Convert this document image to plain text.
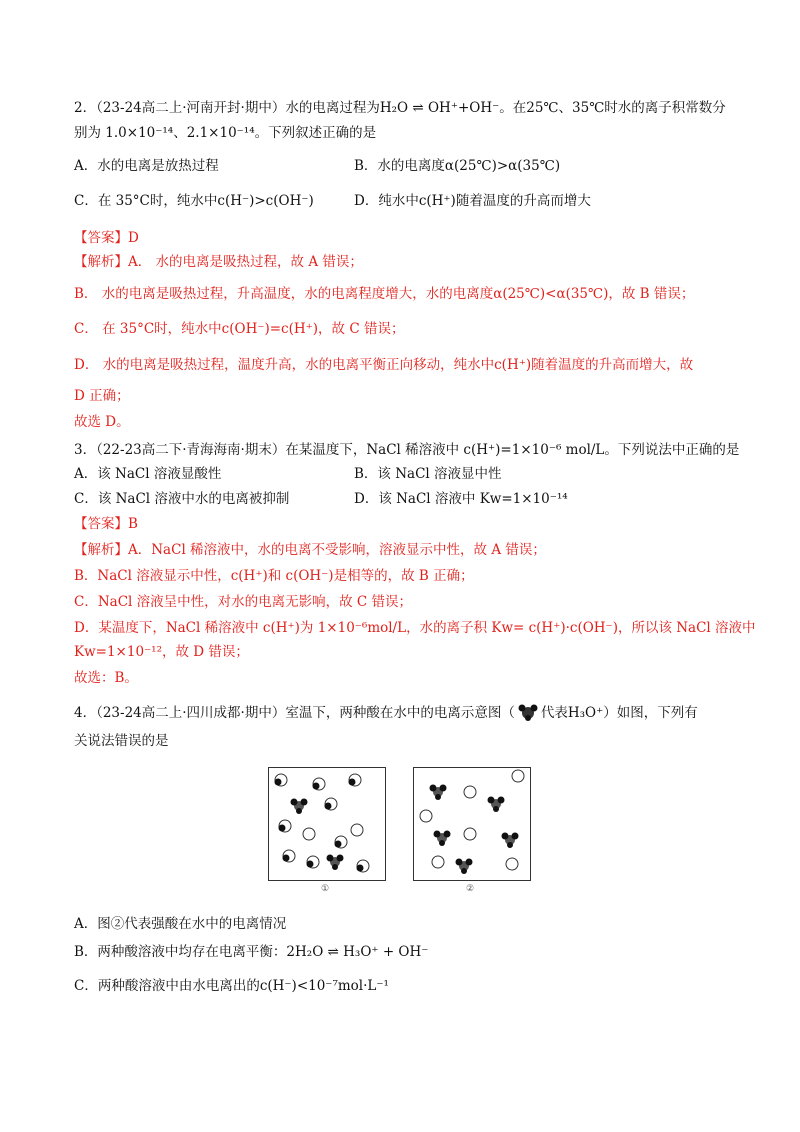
2．（23-24高二上·河南开封·期中）水的电离过程为H₂O ⇌ OH⁺+OH⁻。在25℃、35℃时水的离子积常数分
别为 1.0×10⁻¹⁴、2.1×10⁻¹⁴。下列叙述正确的是
A．水的电离是放热过程	B．水的电离度α(25℃)>α(35℃)
C．在 35°C时，纯水中c(H⁻)>c(OH⁻)	D．纯水中c(H⁺)随着温度的升高而增大
【答案】D
【解析】A． 水的电离是吸热过程，故 A 错误；
B． 水的电离是吸热过程，升高温度，水的电离程度增大，水的电离度α(25℃)<α(35℃)，故 B 错误；
C． 在 35°C时，纯水中c(OH⁻)=c(H⁺)，故 C 错误；
D． 水的电离是吸热过程，温度升高，水的电离平衡正向移动，纯水中c(H⁺)随着温度的升高而增大，故
D 正确；
故选 D。
3．（22-23高二下·青海海南·期末）在某温度下，NaCl 稀溶液中 c(H⁺)=1×10⁻⁶ mol/L。下列说法中正确的是
A．该 NaCl 溶液显酸性	B．该 NaCl 溶液显中性
C．该 NaCl 溶液中水的电离被抑制	D．该 NaCl 溶液中 Kw=1×10⁻¹⁴
【答案】B
【解析】A．NaCl 稀溶液中，水的电离不受影响，溶液显示中性，故 A 错误；
B．NaCl 溶液显示中性，c(H⁺)和 c(OH⁻)是相等的，故 B 正确；
C．NaCl 溶液呈中性，对水的电离无影响，故 C 错误；
D．某温度下，NaCl 稀溶液中 c(H⁺)为 1×10⁻⁶mol/L，水的离子积 Kw= c(H⁺)·c(OH⁻)，所以该 NaCl 溶液中
Kw=1×10⁻¹²，故 D 错误；
故选：B。
4．（23-24高二上·四川成都·期中）室温下，两种酸在水中的电离示意图（ 代表H₃O⁺）如图，下列有
关说法错误的是
①	②
A．图②代表强酸在水中的电离情况
B．两种酸溶液中均存在电离平衡：2H₂O ⇌ H₃O⁺ + OH⁻
C．两种酸溶液中由水电离出的c(H⁻)<10⁻⁷mol·L⁻¹
